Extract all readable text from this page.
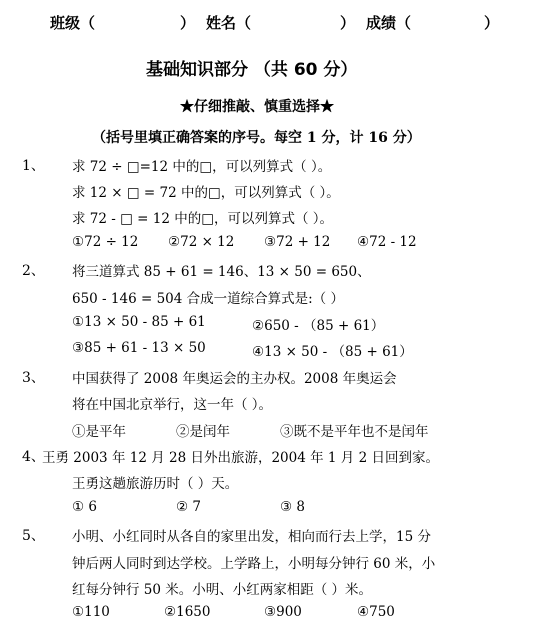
班级（	） 姓名（	） 成绩（	）
基础知识部分 （共 60 分）
★仔细推敲、慎重选择★
（括号里填正确答案的序号。每空 1 分，计 16 分）
1、 求 72 ÷ □=12 中的□，可以列算式（ ）。
求 12 × □ = 72 中的□，可以列算式（ ）。
求 72 - □ = 12 中的□，可以列算式（ ）。
①72 ÷ 12 ②72 × 12 ③72 + 12 ④72 - 12
2、 将三道算式 85 + 61 = 146、13 × 50 = 650、
650 - 146 = 504 合成一道综合算式是:（ ）
①13 × 50 - 85 + 61	②650 - （85 + 61）
③85 + 61 - 13 × 50	④13 × 50 - （85 + 61）
3、 中国获得了 2008 年奥运会的主办权。2008 年奥运会
将在中国北京举行，这一年（ ）。
①是平年	②是闰年	③既不是平年也不是闰年
4、
王勇 2003 年 12 月 28 日外出旅游，2004 年 1 月 2 日回到家。
王勇这趟旅游历时（ ）天。
① 6	② 7	③ 8
5、 小明、小红同时从各自的家里出发，相向而行去上学，15 分
钟后两人同时到达学校。上学路上，小明每分钟行 60 米，小
红每分钟行 50 米。小明、小红两家相距（ ）米。
①110	②1650	③900	④750
